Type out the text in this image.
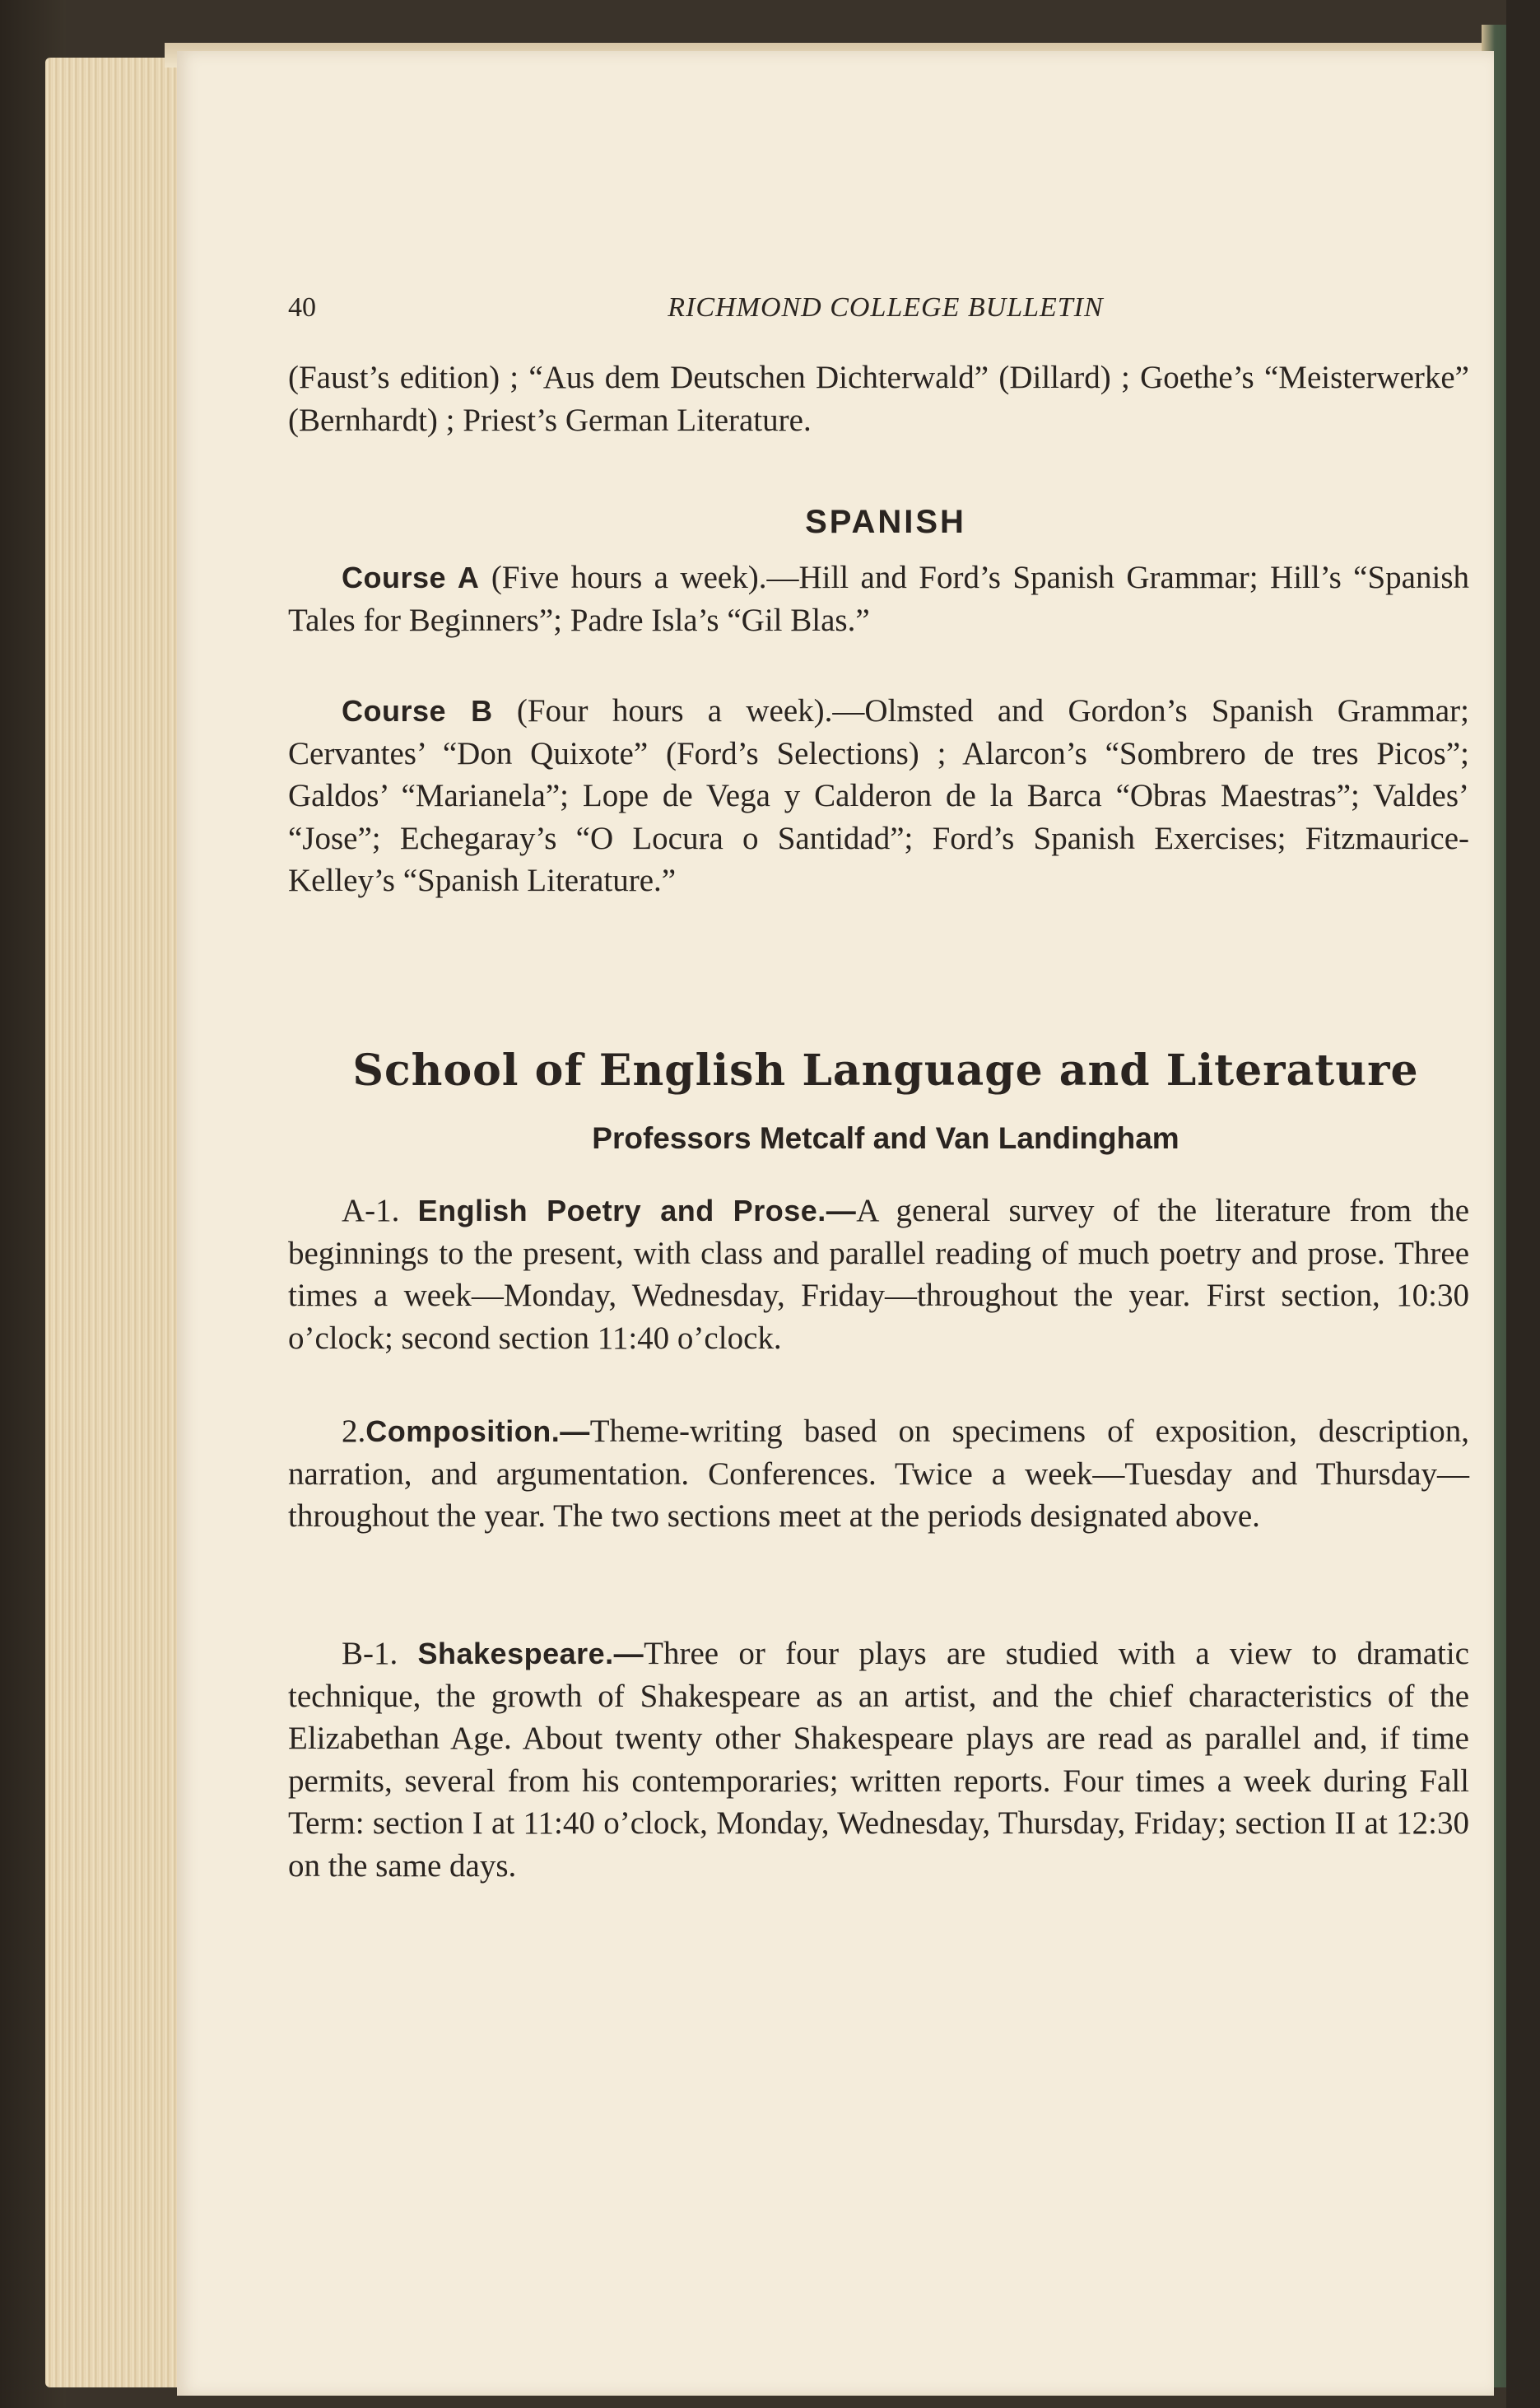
40	RICHMOND COLLEGE BULLETIN

(Faust’s edition) ; “Aus dem Deutschen Dichterwald” (Dillard) ; Goethe’s “Meisterwerke” (Bernhardt) ; Priest’s German Literature.

SPANISH

Course A (Five hours a week).—Hill and Ford’s Spanish Grammar; Hill’s “Spanish Tales for Beginners”; Padre Isla’s “Gil Blas.”

Course B (Four hours a week).—Olmsted and Gordon’s Spanish Grammar; Cervantes’ “Don Quixote” (Ford’s Selections) ; Alarcon’s “Sombrero de tres Picos”; Galdos’ “Marianela”; Lope de Vega y Calderon de la Barca “Obras Maestras”; Valdes’ “Jose”; Echegaray’s “O Locura o Santidad”; Ford’s Spanish Exercises; Fitzmaurice-Kelley’s “Spanish Literature.”

School of English Language and Literature
Professors Metcalf and Van Landingham

A-1. English Poetry and Prose.—A general survey of the literature from the beginnings to the present, with class and parallel reading of much poetry and prose. Three times a week—Monday, Wednesday, Friday—throughout the year. First section, 10:30 o’clock; second section 11:40 o’clock.

2.Composition.—Theme-writing based on specimens of exposition, description, narration, and argumentation. Conferences. Twice a week—Tuesday and Thursday—throughout the year. The two sections meet at the periods designated above.

B-1. Shakespeare.—Three or four plays are studied with a view to dramatic technique, the growth of Shakespeare as an artist, and the chief characteristics of the Elizabethan Age. About twenty other Shakespeare plays are read as parallel and, if time permits, several from his contemporaries; written reports. Four times a week during Fall Term: section I at 11:40 o’clock, Monday, Wednesday, Thursday, Friday; section II at 12:30 on the same days.
